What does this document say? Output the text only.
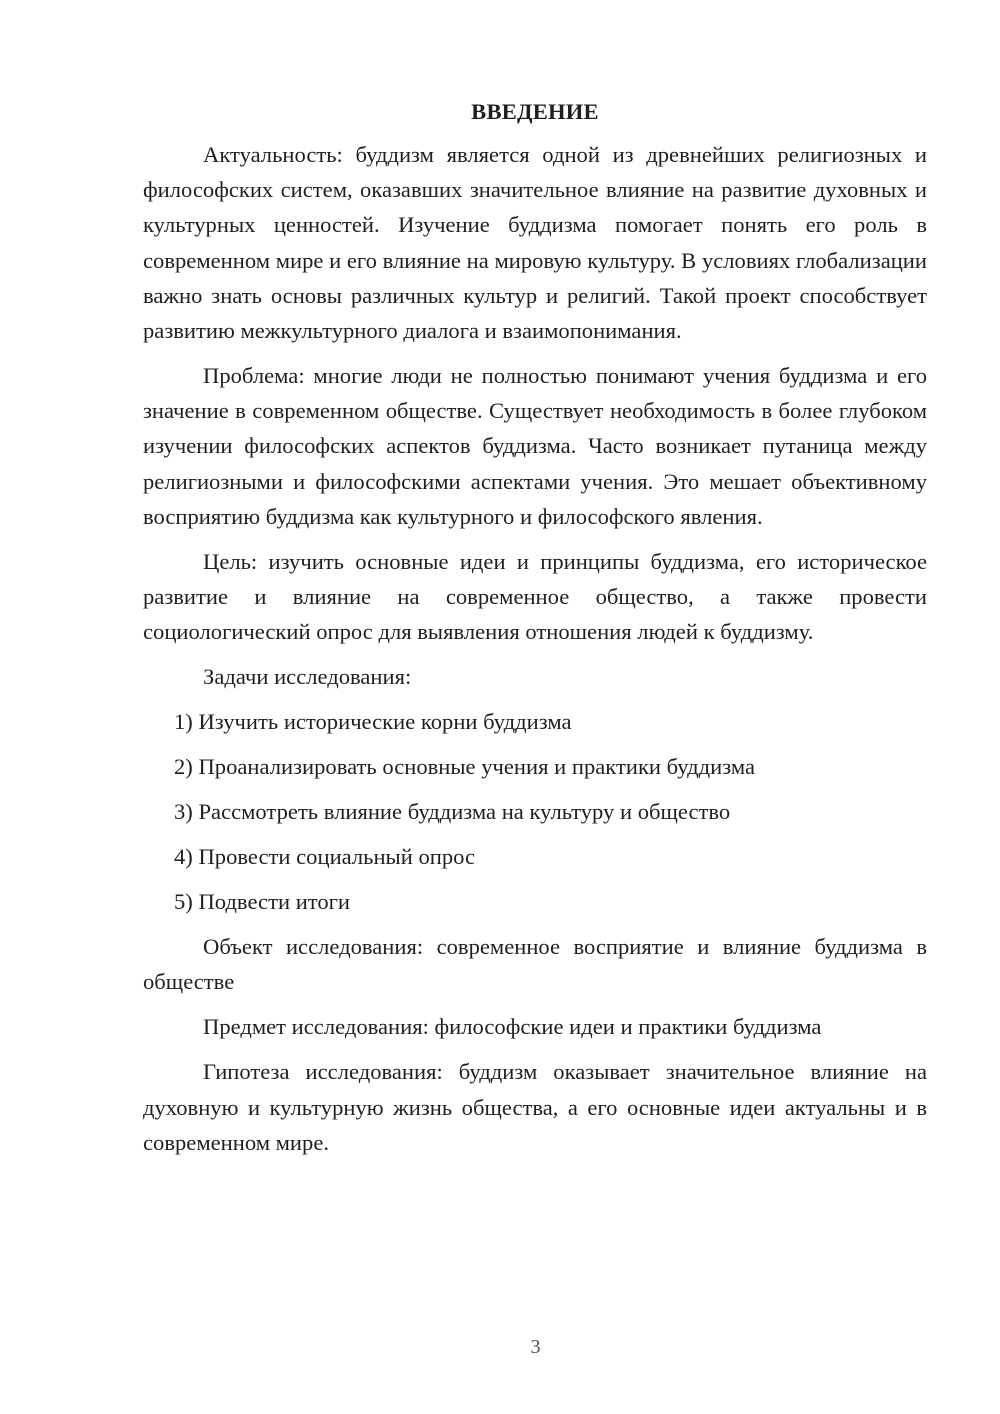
ВВЕДЕНИЕ

Актуальность: буддизм является одной из древнейших религиозных и философских систем, оказавших значительное влияние на развитие духовных и культурных ценностей. Изучение буддизма помогает понять его роль в современном мире и его влияние на мировую культуру. В условиях глобализации важно знать основы различных культур и религий. Такой проект способствует развитию межкультурного диалога и взаимопонимания.

Проблема: многие люди не полностью понимают учения буддизма и его значение в современном обществе. Существует необходимость в более глубоком изучении философских аспектов буддизма. Часто возникает путаница между религиозными и философскими аспектами учения. Это мешает объективному восприятию буддизма как культурного и философского явления.

Цель: изучить основные идеи и принципы буддизма, его историческое развитие и влияние на современное общество, а также провести социологический опрос для выявления отношения людей к буддизму.

Задачи исследования:

1) Изучить исторические корни буддизма
2) Проанализировать основные учения и практики буддизма
3) Рассмотреть влияние буддизма на культуру и общество
4) Провести социальный опрос
5) Подвести итоги

Объект исследования: современное восприятие и влияние буддизма в обществе

Предмет исследования: философские идеи и практики буддизма

Гипотеза исследования: буддизм оказывает значительное влияние на духовную и культурную жизнь общества, а его основные идеи актуальны и в современном мире.

3
